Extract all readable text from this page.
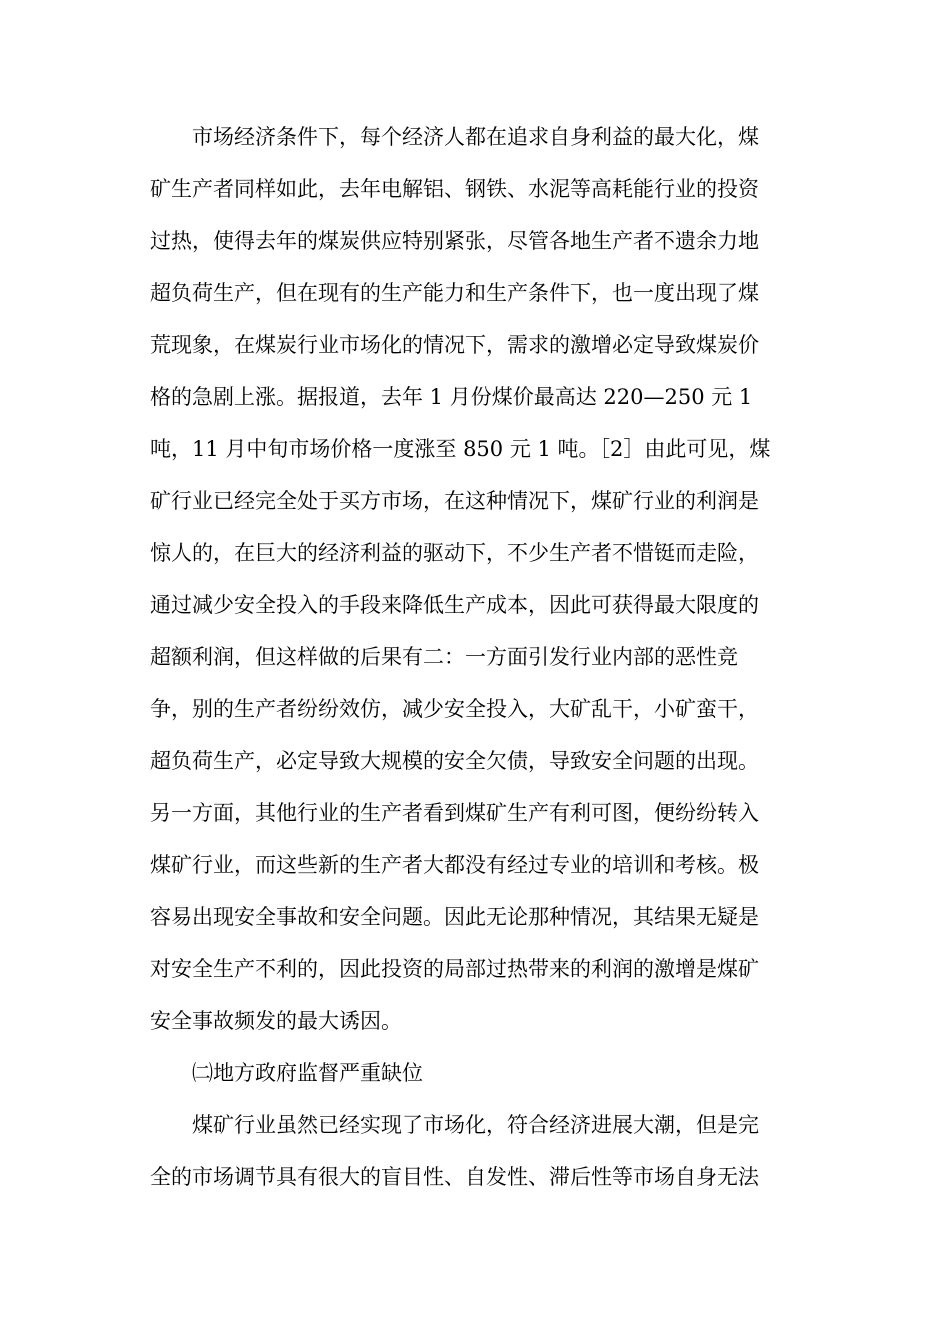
市场经济条件下，每个经济人都在追求自身利益的最大化，煤
矿生产者同样如此，去年电解铝、钢铁、水泥等高耗能行业的投资
过热，使得去年的煤炭供应特别紧张，尽管各地生产者不遗余力地
超负荷生产，但在现有的生产能力和生产条件下，也一度出现了煤
荒现象，在煤炭行业市场化的情况下，需求的激增必定导致煤炭价
格的急剧上涨。据报道，去年 1 月份煤价最高达 220—250 元 1
吨，11 月中旬市场价格一度涨至 850 元 1 吨。［2］由此可见，煤
矿行业已经完全处于买方市场，在这种情况下，煤矿行业的利润是
惊人的，在巨大的经济利益的驱动下，不少生产者不惜铤而走险，
通过减少安全投入的手段来降低生产成本，因此可获得最大限度的
超额利润，但这样做的后果有二：一方面引发行业内部的恶性竞
争，别的生产者纷纷效仿，减少安全投入，大矿乱干，小矿蛮干，
超负荷生产，必定导致大规模的安全欠债，导致安全问题的出现。
另一方面，其他行业的生产者看到煤矿生产有利可图，便纷纷转入
煤矿行业，而这些新的生产者大都没有经过专业的培训和考核。极
容易出现安全事故和安全问题。因此无论那种情况，其结果无疑是
对安全生产不利的，因此投资的局部过热带来的利润的激增是煤矿
安全事故频发的最大诱因。
㈡地方政府监督严重缺位
煤矿行业虽然已经实现了市场化，符合经济进展大潮，但是完
全的市场调节具有很大的盲目性、自发性、滞后性等市场自身无法
